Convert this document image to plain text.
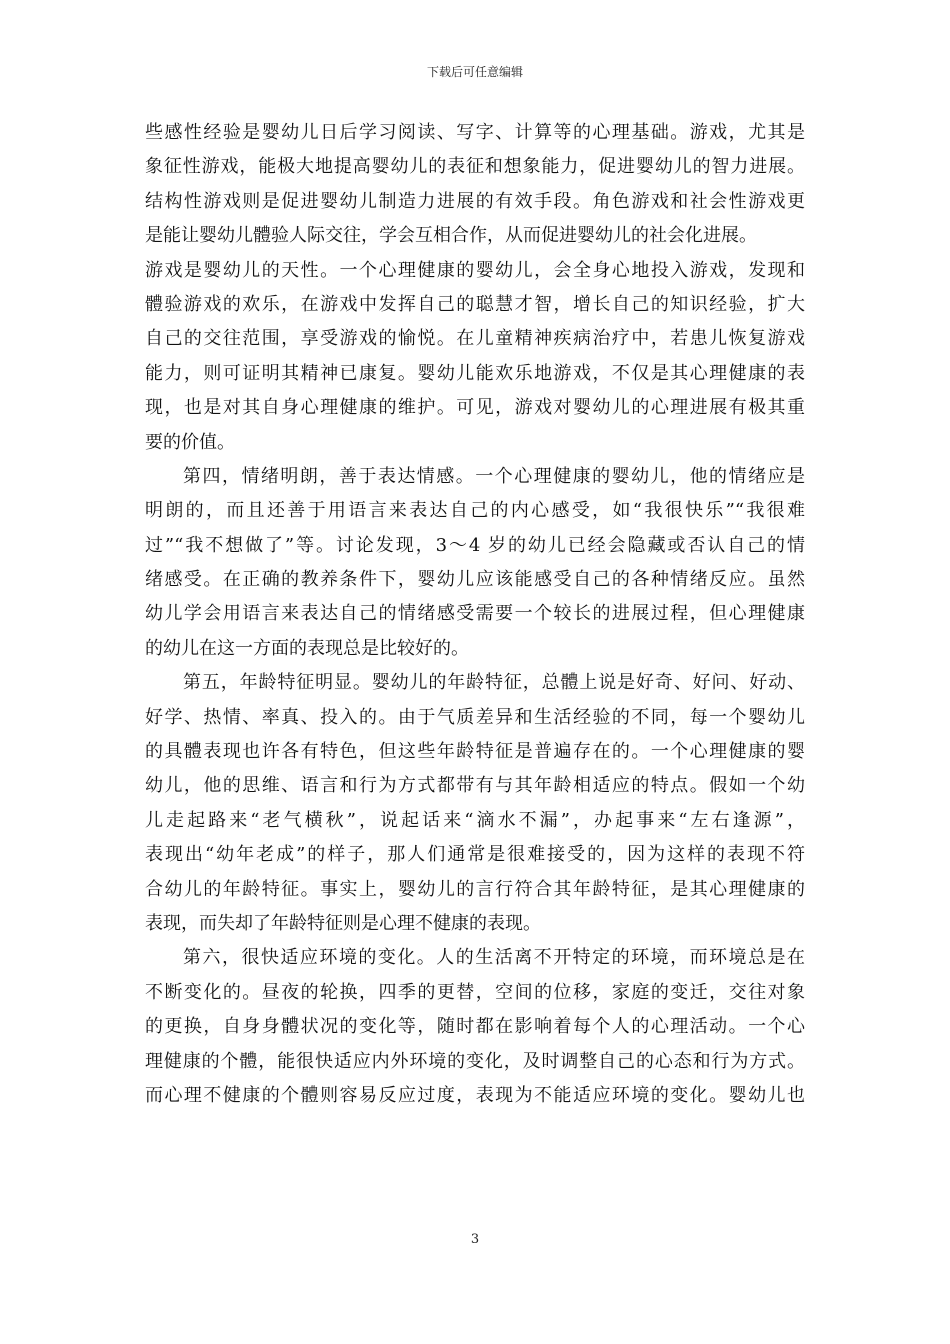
下载后可任意编辑
些感性经验是婴幼儿日后学习阅读、写字、计算等的心理基础。游戏，尤其是
象征性游戏，能极大地提高婴幼儿的表征和想象能力，促进婴幼儿的智力进展。
结构性游戏则是促进婴幼儿制造力进展的有效手段。角色游戏和社会性游戏更
是能让婴幼儿體验人际交往，学会互相合作，从而促进婴幼儿的社会化进展。
游戏是婴幼儿的天性。一个心理健康的婴幼儿，会全身心地投入游戏，发现和
體验游戏的欢乐，在游戏中发挥自己的聪慧才智，增长自己的知识经验，扩大
自己的交往范围，享受游戏的愉悦。在儿童精神疾病治疗中，若患儿恢复游戏
能力，则可证明其精神已康复。婴幼儿能欢乐地游戏，不仅是其心理健康的表
现，也是对其自身心理健康的维护。可见，游戏对婴幼儿的心理进展有极其重
要的价值。
第四，情绪明朗，善于表达情感。一个心理健康的婴幼儿，他的情绪应是
明朗的，而且还善于用语言来表达自己的内心感受，如“我很快乐”“我很难
过”“我不想做了”等。讨论发现，3～4 岁的幼儿已经会隐藏或否认自己的情
绪感受。在正确的教养条件下，婴幼儿应该能感受自己的各种情绪反应。虽然
幼儿学会用语言来表达自己的情绪感受需要一个较长的进展过程，但心理健康
的幼儿在这一方面的表现总是比较好的。
第五，年龄特征明显。婴幼儿的年龄特征，总體上说是好奇、好问、好动、
好学、热情、率真、投入的。由于气质差异和生活经验的不同，每一个婴幼儿
的具體表现也许各有特色，但这些年龄特征是普遍存在的。一个心理健康的婴
幼儿，他的思维、语言和行为方式都带有与其年龄相适应的特点。假如一个幼
儿走起路来“老气横秋”，说起话来“滴水不漏”，办起事来“左右逢源”，
表现出“幼年老成”的样子，那人们通常是很难接受的，因为这样的表现不符
合幼儿的年龄特征。事实上，婴幼儿的言行符合其年龄特征，是其心理健康的
表现，而失却了年龄特征则是心理不健康的表现。
第六，很快适应环境的变化。人的生活离不开特定的环境，而环境总是在
不断变化的。昼夜的轮换，四季的更替，空间的位移，家庭的变迁，交往对象
的更换，自身身體状况的变化等，随时都在影响着每个人的心理活动。一个心
理健康的个體，能很快适应内外环境的变化，及时调整自己的心态和行为方式。
而心理不健康的个體则容易反应过度，表现为不能适应环境的变化。婴幼儿也
3
